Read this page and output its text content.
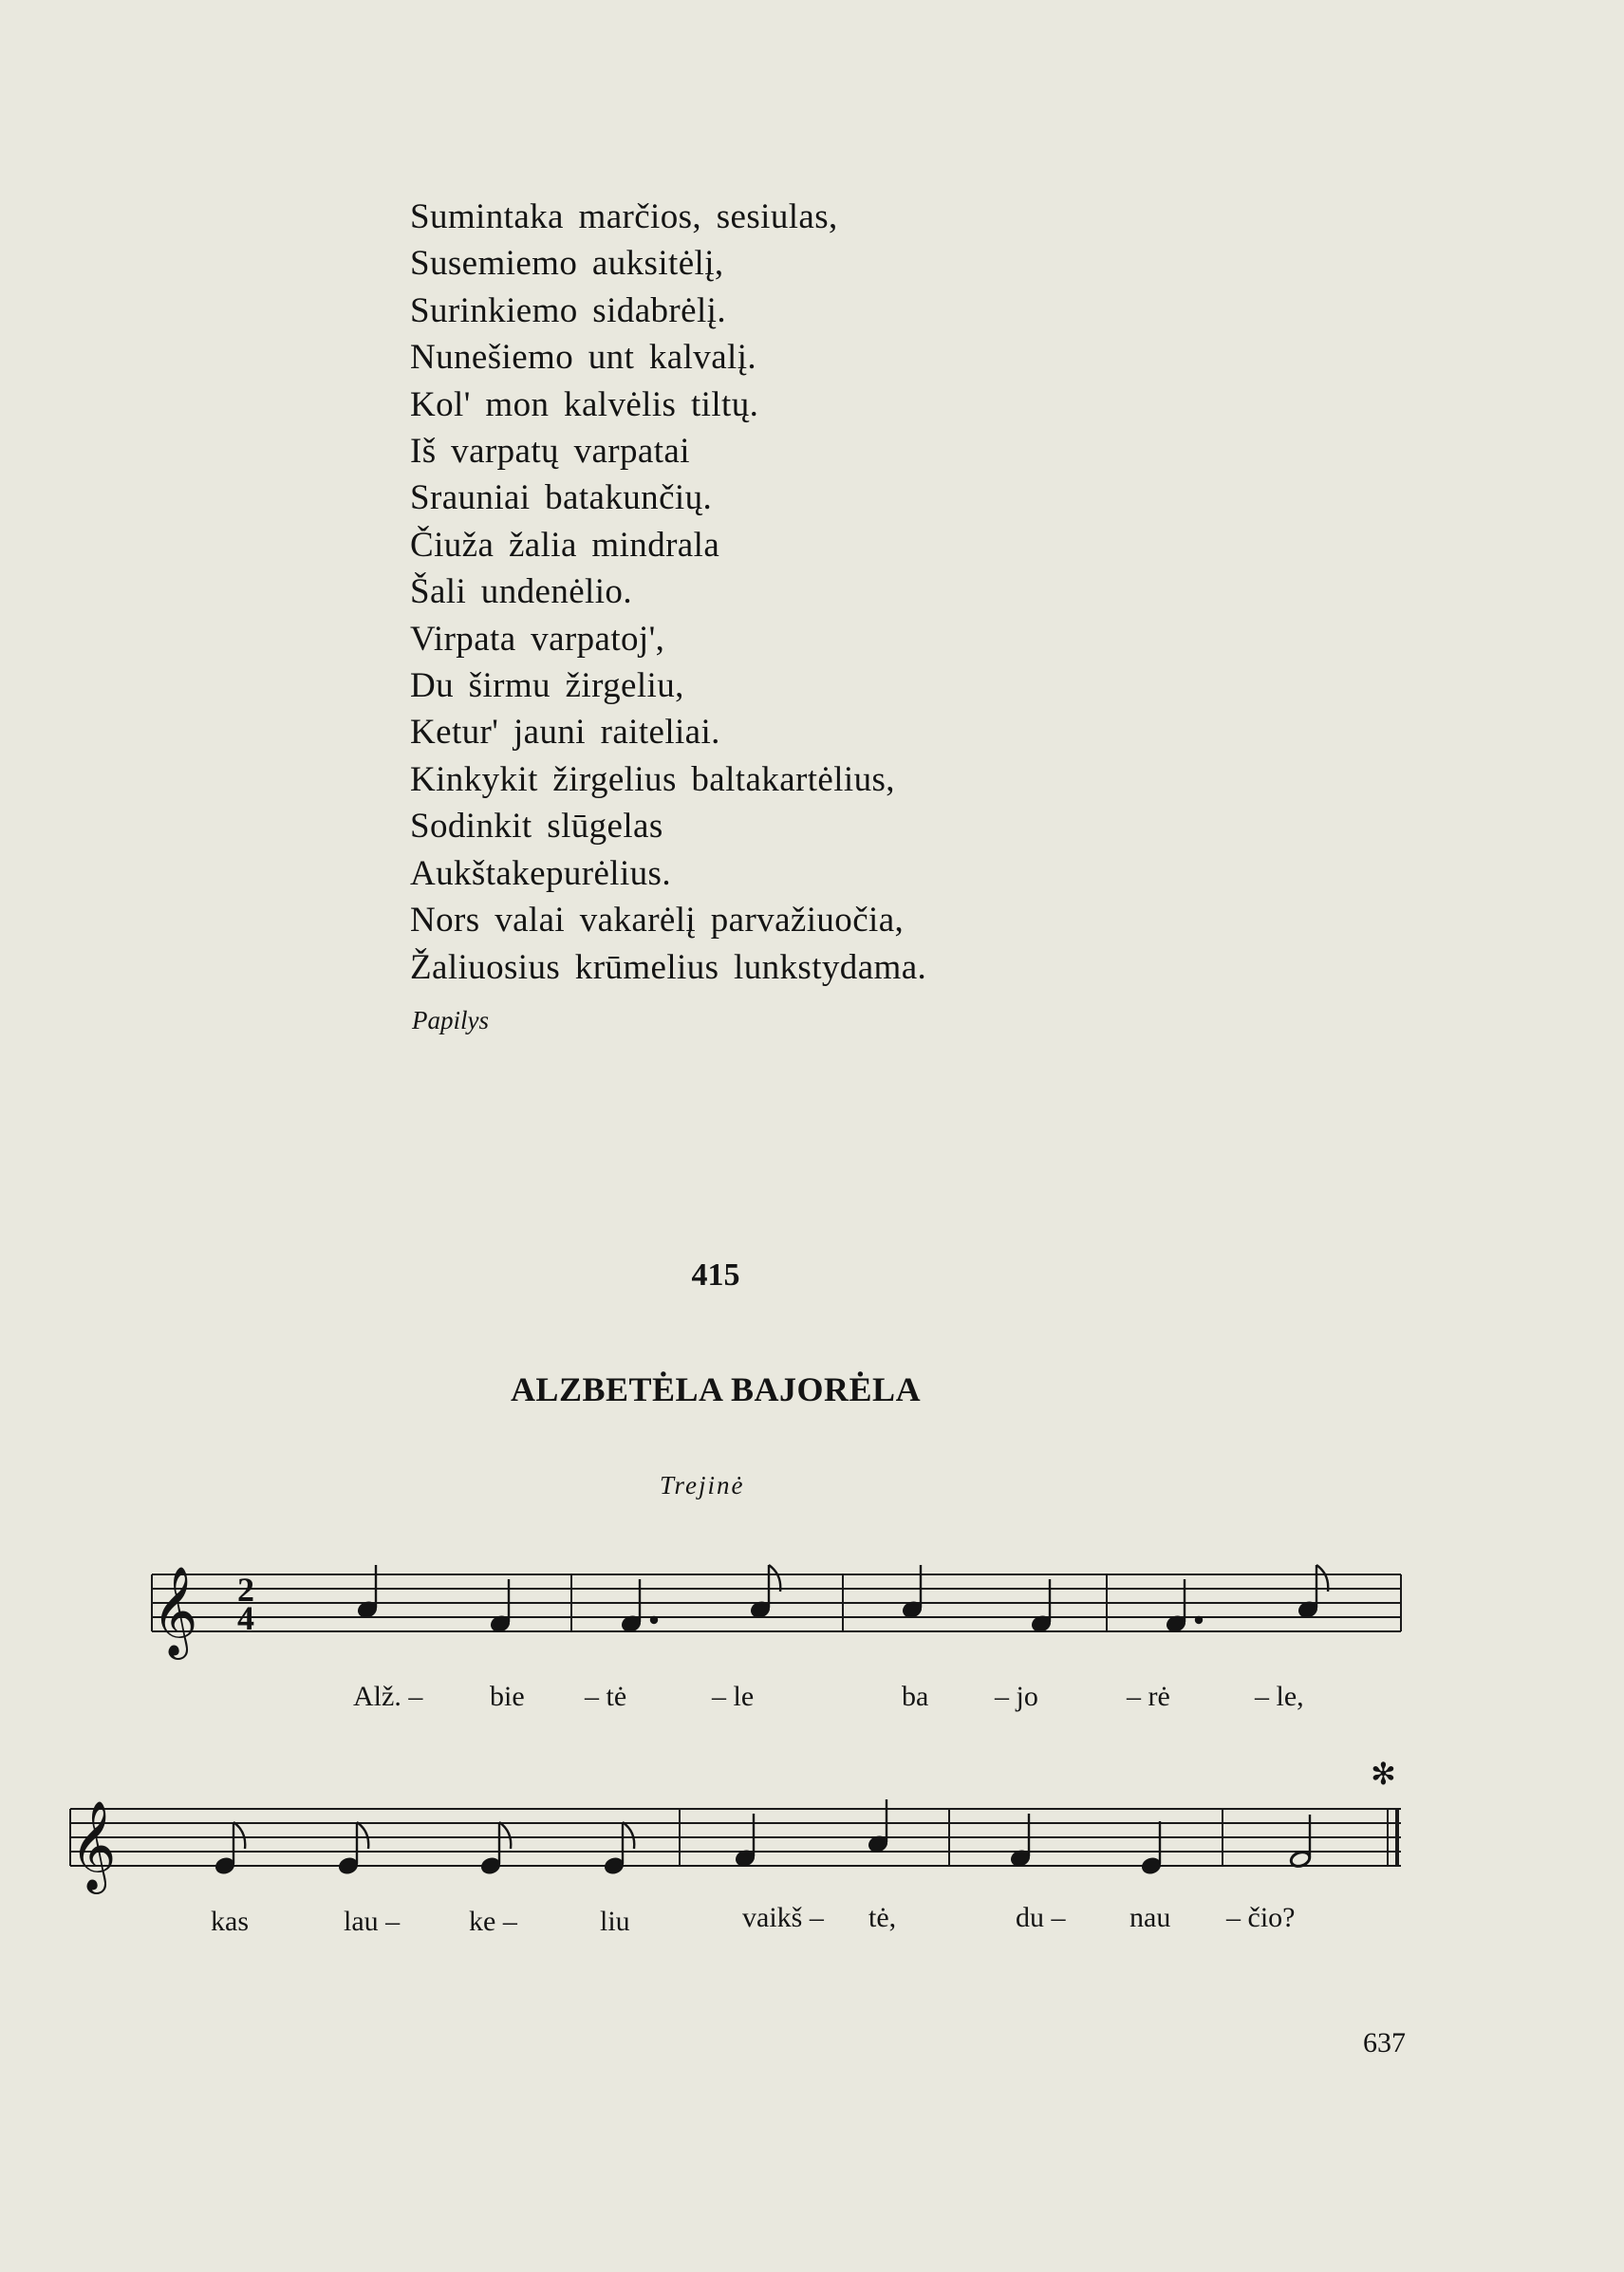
Sumintaka marčios, sesiulas,
Susemiemo auksitėlį,
Surinkiemo sidabrėlį.
Nunešiemo unt kalvalį.
Kol' mon kalvėlis tiltų.
Iš varpatų varpatai
Srauniai batakunčių.
Čiuža žalia mindrala
Šali undenėlio.
Virpata varpatoj',
Du širmu žirgeliu,
Ketur' jauni raiteliai.
Kinkykit žirgelius baltakartėlius,
Sodinkit slūgelas
Aukštakepurėlius.
Nors valai vakarėlį parvažiuočia,
Žaliuosius krūmelius lunkstydama.
Papilys
415
ALZBETĖLA BAJORĖLA
Trejinė
𝄞 2
4
Alž. – bie – tė	– le	ba – jo	– rė	– le,
𝄞
✻
kas	lau – ke –	liu	vaikš – tė,	du – nau – čio?
637
